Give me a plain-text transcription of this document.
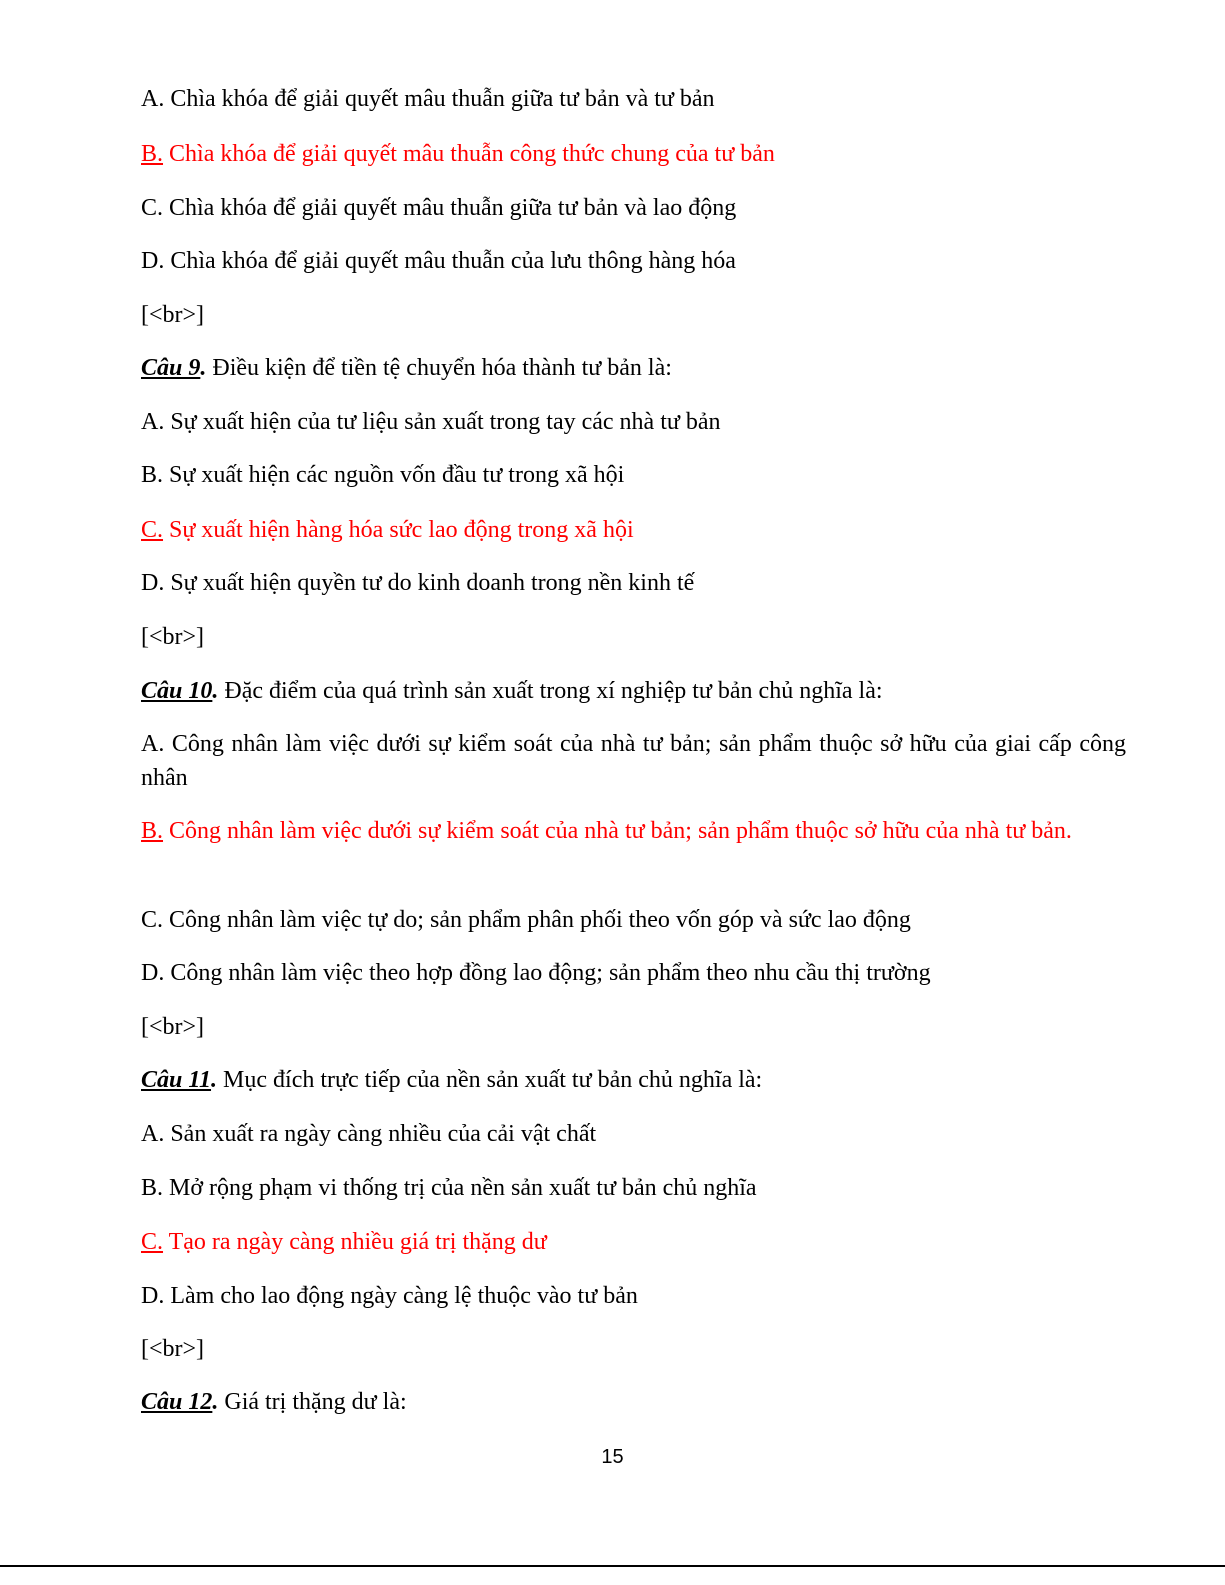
A. Chìa khóa để giải quyết mâu thuẫn giữa tư bản và tư bản
B. Chìa khóa để giải quyết mâu thuẫn công thức chung của tư bản
C. Chìa khóa để giải quyết mâu thuẫn giữa tư bản và lao động
D. Chìa khóa để giải quyết mâu thuẫn của lưu thông hàng hóa
[<br>]
Câu 9. Điều kiện để tiền tệ chuyển hóa thành tư bản là:
A. Sự xuất hiện của tư liệu sản xuất trong tay các nhà tư bản
B. Sự xuất hiện các nguồn vốn đầu tư trong xã hội
C. Sự xuất hiện hàng hóa sức lao động trong xã hội
D. Sự xuất hiện quyền tư do kinh doanh trong nền kinh tế
[<br>]
Câu 10. Đặc điểm của quá trình sản xuất trong xí nghiệp tư bản chủ nghĩa là:
A. Công nhân làm việc dưới sự kiểm soát của nhà tư bản; sản phẩm thuộc sở hữu của giai cấp công nhân
B. Công nhân làm việc dưới sự kiểm soát của nhà tư bản; sản phẩm thuộc sở hữu của nhà tư bản.
C. Công nhân làm việc tự do; sản phẩm phân phối theo vốn góp và sức lao động
D. Công nhân làm việc theo hợp đồng lao động; sản phẩm theo nhu cầu thị trường
[<br>]
Câu 11. Mục đích trực tiếp của nền sản xuất tư bản chủ nghĩa là:
A. Sản xuất ra ngày càng nhiều của cải vật chất
B. Mở rộng phạm vi thống trị của nền sản xuất tư bản chủ nghĩa
C. Tạo ra ngày càng nhiều giá trị thặng dư
D. Làm cho lao động ngày càng lệ thuộc vào tư bản
[<br>]
Câu 12. Giá trị thặng dư là:
15
